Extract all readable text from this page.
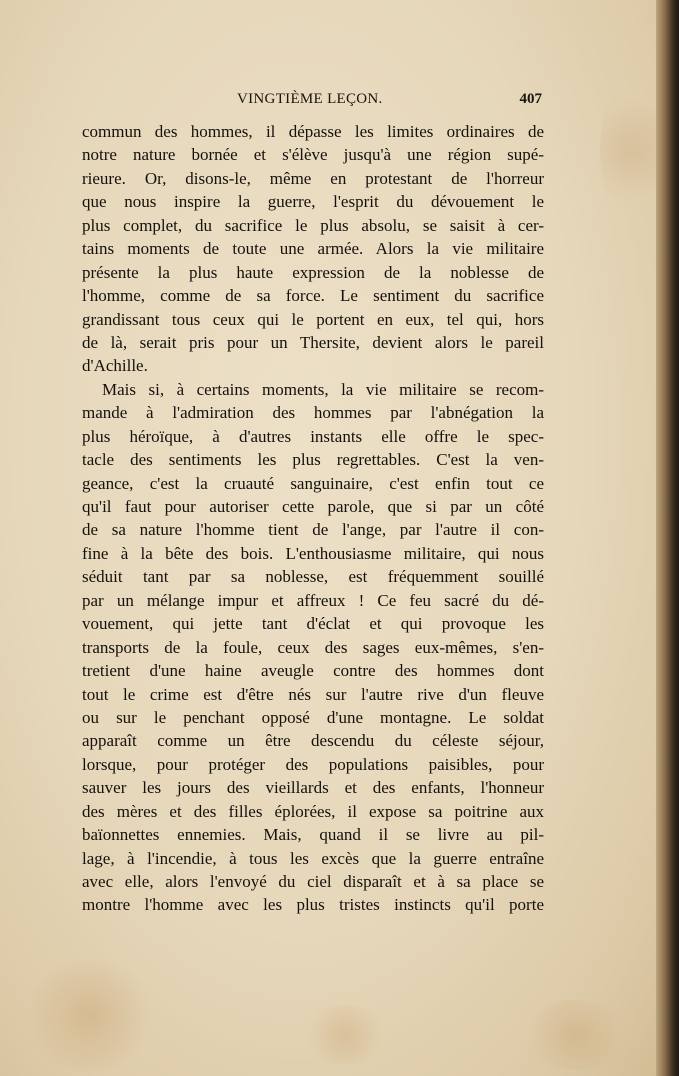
VINGTIÈME LEÇON.	407
commun des hommes, il dépasse les limites ordinaires de
notre nature bornée et s'élève jusqu'à une région supé-
rieure. Or, disons-le, même en protestant de l'horreur
que nous inspire la guerre, l'esprit du dévouement le
plus complet, du sacrifice le plus absolu, se saisit à cer-
tains moments de toute une armée. Alors la vie militaire
présente la plus haute expression de la noblesse de
l'homme, comme de sa force. Le sentiment du sacrifice
grandissant tous ceux qui le portent en eux, tel qui, hors
de là, serait pris pour un Thersite, devient alors le pareil
d'Achille.
Mais si, à certains moments, la vie militaire se recom-
mande à l'admiration des hommes par l'abnégation la
plus héroïque, à d'autres instants elle offre le spec-
tacle des sentiments les plus regrettables. C'est la ven-
geance, c'est la cruauté sanguinaire, c'est enfin tout ce
qu'il faut pour autoriser cette parole, que si par un côté
de sa nature l'homme tient de l'ange, par l'autre il con-
fine à la bête des bois. L'enthousiasme militaire, qui nous
séduit tant par sa noblesse, est fréquemment souillé
par un mélange impur et affreux ! Ce feu sacré du dé-
vouement, qui jette tant d'éclat et qui provoque les
transports de la foule, ceux des sages eux-mêmes, s'en-
tretient d'une haine aveugle contre des hommes dont
tout le crime est d'être nés sur l'autre rive d'un fleuve
ou sur le penchant opposé d'une montagne. Le soldat
apparaît comme un être descendu du céleste séjour,
lorsque, pour protéger des populations paisibles, pour
sauver les jours des vieillards et des enfants, l'honneur
des mères et des filles éplorées, il expose sa poitrine aux
baïonnettes ennemies. Mais, quand il se livre au pil-
lage, à l'incendie, à tous les excès que la guerre entraîne
avec elle, alors l'envoyé du ciel disparaît et à sa place se
montre l'homme avec les plus tristes instincts qu'il porte
